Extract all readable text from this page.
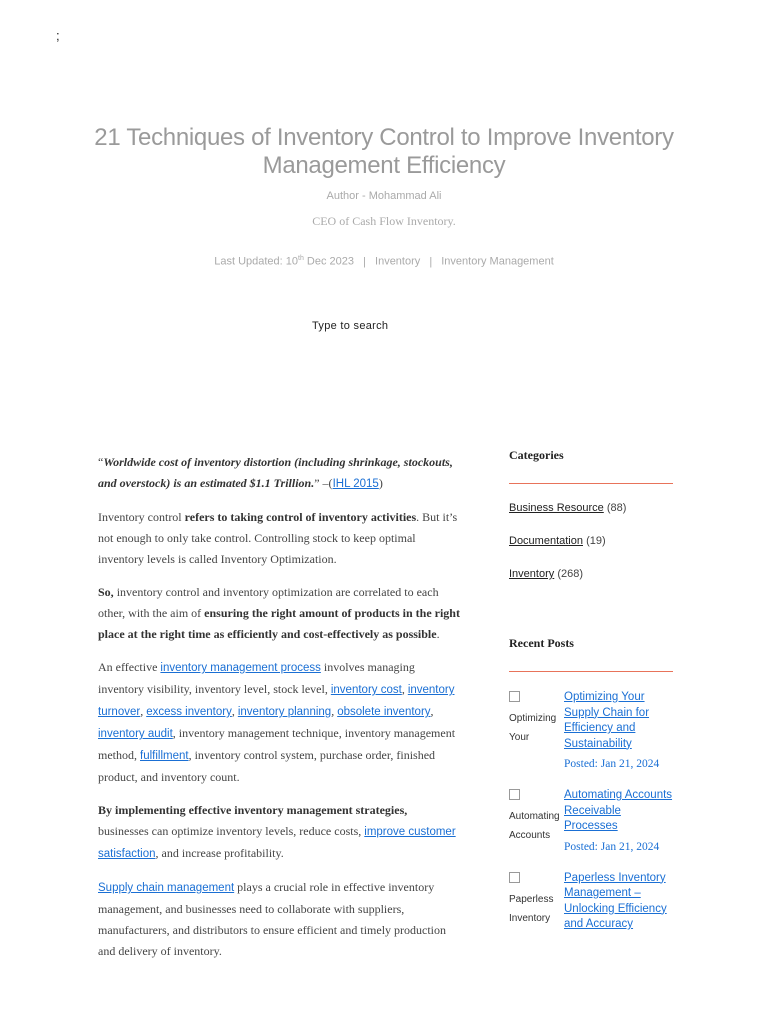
;
21 Techniques of Inventory Control to Improve Inventory Management Efficiency
Author - Mohammad Ali
CEO of Cash Flow Inventory.
Last Updated: 10th Dec 2023 | Inventory | Inventory Management
Type to search

“Worldwide cost of inventory distortion (including shrinkage, stockouts, and overstock) is an estimated $1.1 Trillion.” –(IHL 2015)

Inventory control refers to taking control of inventory activities. But it’s not enough to only take control. Controlling stock to keep optimal inventory levels is called Inventory Optimization.

So, inventory control and inventory optimization are correlated to each other, with the aim of ensuring the right amount of products in the right place at the right time as efficiently and cost-effectively as possible.

An effective inventory management process involves managing inventory visibility, inventory level, stock level, inventory cost, inventory turnover, excess inventory, inventory planning, obsolete inventory, inventory audit, inventory management technique, inventory management method, fulfillment, inventory control system, purchase order, finished product, and inventory count.

By implementing effective inventory management strategies, businesses can optimize inventory levels, reduce costs, improve customer satisfaction, and increase profitability.

Supply chain management plays a crucial role in effective inventory management, and businesses need to collaborate with suppliers, manufacturers, and distributors to ensure efficient and timely production and delivery of inventory.

Categories
Business Resource (88)
Documentation (19)
Inventory (268)
Recent Posts

Optimizing
Your
Optimizing Your Supply Chain for Efficiency and Sustainability
Posted: Jan 21, 2024

Automating
Accounts
Automating Accounts Receivable Processes
Posted: Jan 21, 2024

Paperless
Inventory
Paperless Inventory Management – Unlocking Efficiency and Accuracy
